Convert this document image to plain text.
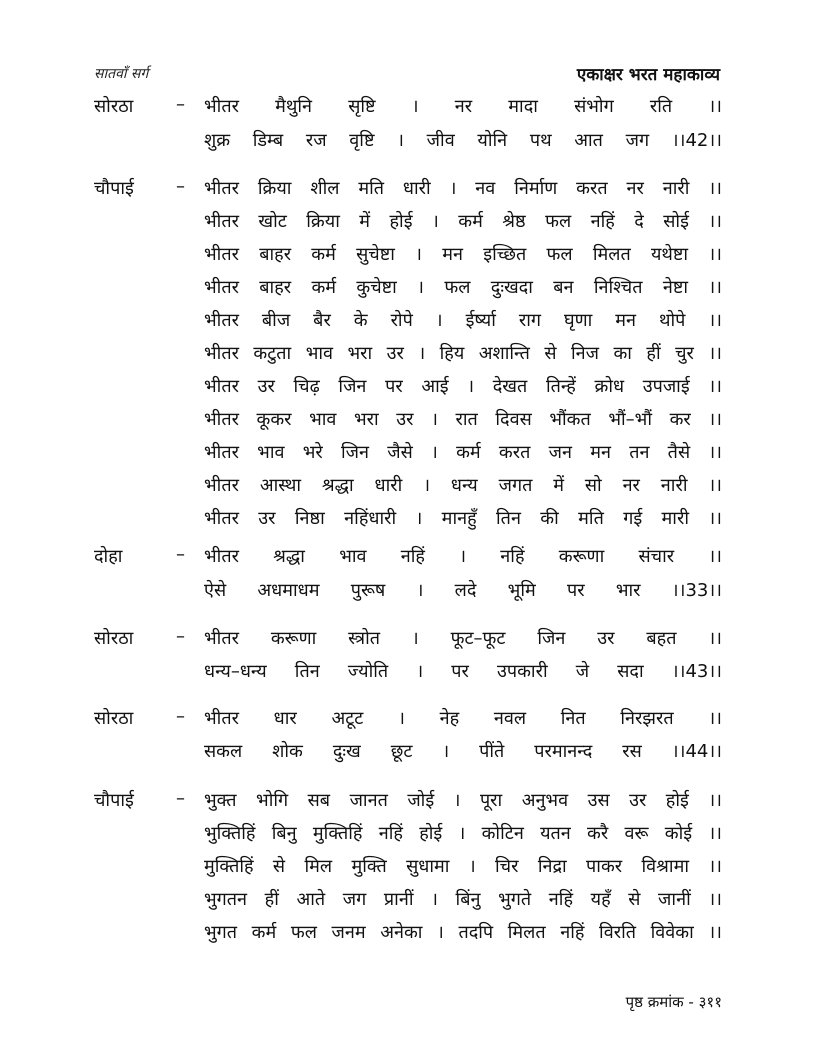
सातवाँ सर्ग	एकाक्षर भरत महाकाव्य
सोरठा – भीतर मैथुनि सृष्टि । नर मादा संभोग रति ।।
शुक्र डिम्ब रज वृष्टि । जीव योनि पथ आत जग ।।42।।
चौपाई – भीतर क्रिया शील मति धारी । नव निर्माण करत नर नारी ।।
भीतर खोट क्रिया में होई । कर्म श्रेष्ठ फल नहिं दे सोई ।।
भीतर बाहर कर्म सुचेष्टा । मन इच्छित फल मिलत यथेष्टा ।।
भीतर बाहर कर्म कुचेष्टा । फल दुःखदा बन निश्चित नेष्टा ।।
भीतर बीज बैर के रोपे । ईर्ष्या राग घृणा मन थोपे ।।
भीतर कटुता भाव भरा उर । हिय अशान्ति से निज का हीं चुर ।।
भीतर उर चिढ़ जिन पर आई । देखत तिन्हें क्रोध उपजाई ।।
भीतर कूकर भाव भरा उर । रात दिवस भौंकत भौं–भौं कर ।।
भीतर भाव भरे जिन जैसे । कर्म करत जन मन तन तैसे ।।
भीतर आस्था श्रद्धा धारी । धन्य जगत में सो नर नारी ।।
भीतर उर निष्ठा नहिंधारी । मानहुँ तिन की मति गई मारी ।।
दोहा	– भीतर श्रद्धा भाव नहिं । नहिं करूणा संचार ।।
ऐसे अधमाधम पुरूष । लदे भूमि पर भार ।।33।।
सोरठा – भीतर करूणा स्त्रोत । फूट–फूट जिन उर बहत ।।
धन्य–धन्य तिन ज्योति । पर उपकारी जे सदा ।।43।।
सोरठा – भीतर धार अटूट । नेह नवल नित निरझरत ।।
सकल शोक दुःख छूट । पींते परमानन्द रस ।।44।।
चौपाई – भुक्त भोगि सब जानत जोई । पूरा अनुभव उस उर होई ।।
भुक्तिहिं बिनु मुक्तिहिं नहिं होई । कोटिन यतन करै वरू कोई ।।
मुक्तिहिं से मिल मुक्ति सुधामा । चिर निद्रा पाकर विश्रामा ।।
भुगतन हीं आते जग प्रानीं । बिंनु भुगते नहिं यहँ से जानीं ।।
भुगत कर्म फल जनम अनेका । तदपि मिलत नहिं विरति विवेका ।।
पृष्ठ क्रमांक - ३११
